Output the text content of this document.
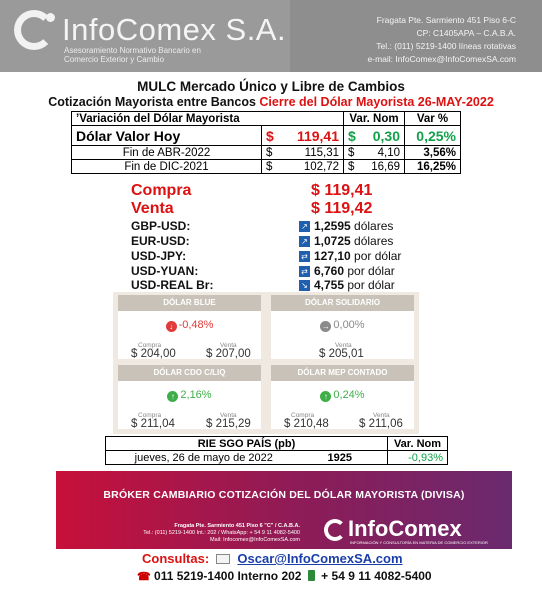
InfoComex S.A.
Asesoramiento Normativo Bancario en
Comercio Exterior y Cambio
Fragata Pte. Sarmiento 451 Piso 6-C
CP: C1405APA – C.A.B.A.
Tel.: (011) 5219-1400 líneas rotativas
e-mail: InfoComex@InfoComexSA.com
MULC Mercado Único y Libre de Cambios
Cotización Mayorista entre Bancos Cierre del Dólar Mayorista 26-MAY-2022
’Variación del Dólar Mayorista			Var. Nom		Var %
Dólar Valor Hoy	$	119,41	$	0,30	0,25%
Fin de ABR-2022	$	115,31	$	4,10	3,56%
Fin de DIC-2021	$	102,72	$	16,69	16,25%
Compra	$ 119,41
Venta	$ 119,42
GBP-USD:	↗ 1,2595 dólares
EUR-USD:	↗ 1,0725 dólares
USD-JPY:	⇄ 127,10 por dólar
USD-YUAN:	⇄ 6,760 por dólar
USD-REAL Br:	↘ 4,755 por dólar
DÓLAR BLUE
↓ -0,48%
Compra
$ 204,00
Venta
$ 207,00
DÓLAR SOLIDARIO
→ 0,00%
Venta
$ 205,01
DÓLAR CDO C/LIQ
↑ 2,16%
Compra
$ 211,04
Venta
$ 215,29
DÓLAR MEP CONTADO
↑ 0,24%
Compra
$ 210,48
Venta
$ 211,06
RIE SGO PAÍS (pb)		Var. Nom
jueves, 26 de mayo de 2022	1925	-0,93%
BRÓKER CAMBIARIO COTIZACIÓN DEL DÓLAR MAYORISTA (DIVISA)
Fragata Pte. Sarmiento 451 Piso 6 "C" / C.A.B.A.
Tel.: (011) 5219-1400 Int.: 202 / WhatsApp: + 54 9 11 4082-5400
Mail: Infocomex@InfoComexSA.com InfoComex
INFORMACIÓN Y CONSULTORÍA EN MATERIA DE COMERCIO EXTERIOR
Consultas: Oscar@InfoComexSA.com
☎ 011 5219-1400 Interno 202 + 54 9 11 4082-5400
